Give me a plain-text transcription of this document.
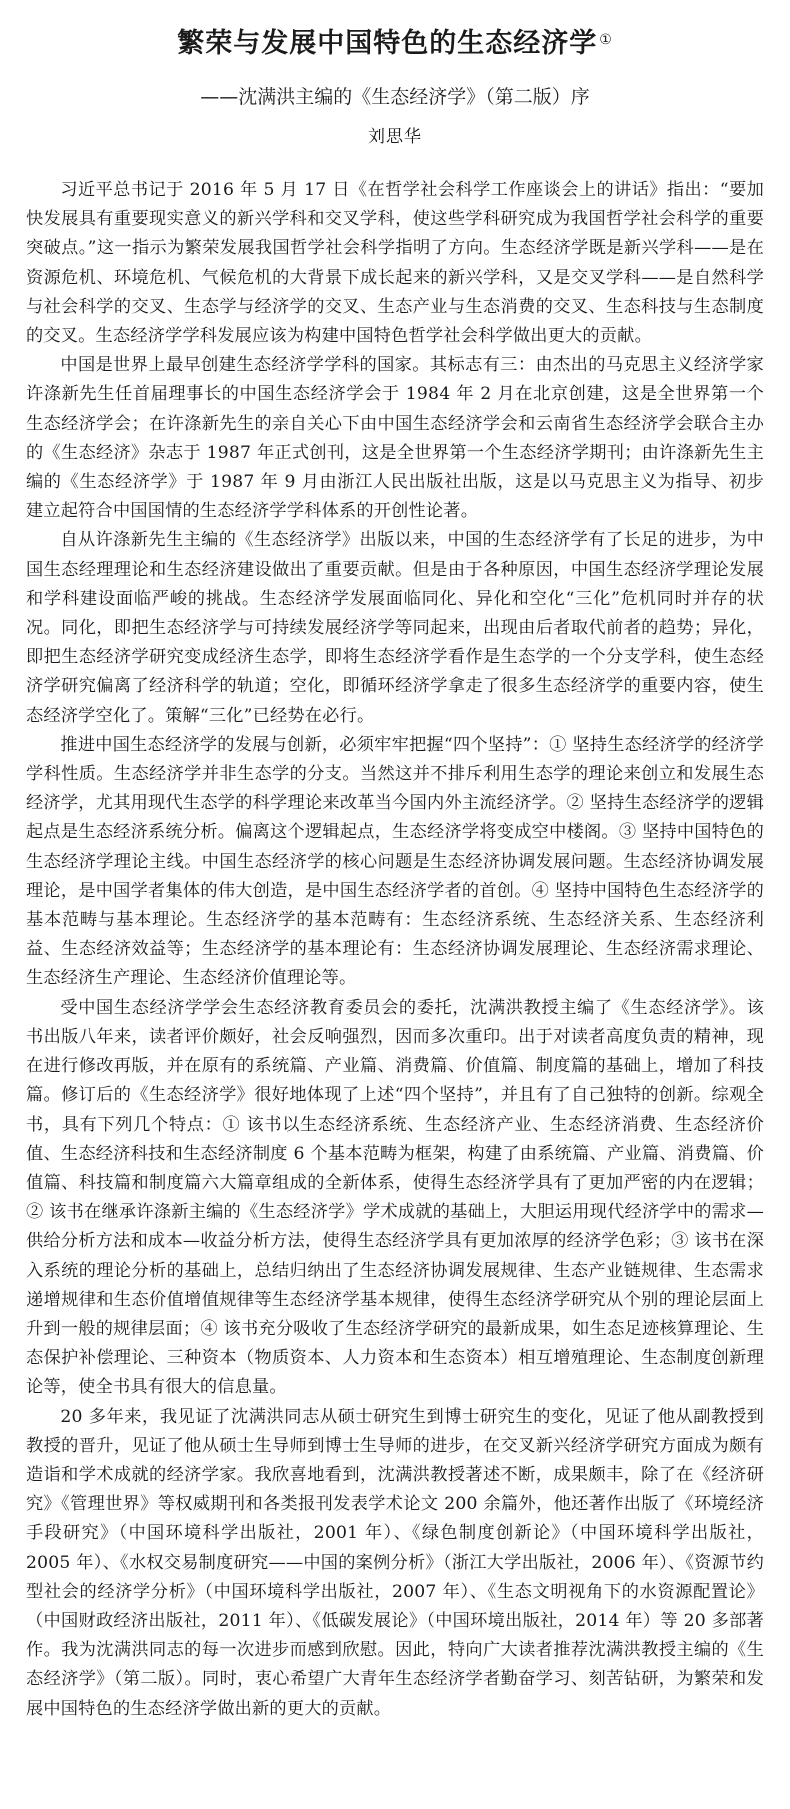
繁荣与发展中国特色的生态经济学 ①
——沈满洪主编的《生态经济学》（第二版）序
刘思华

习近平总书记于 2016 年 5 月 17 日《在哲学社会科学工作座谈会上的讲话》指出：“要加快发展具有重要现实意义的新兴学科和交叉学科，使这些学科研究成为我国哲学社会科学的重要突破点。”这一指示为繁荣发展我国哲学社会科学指明了方向。生态经济学既是新兴学科——是在资源危机、环境危机、气候危机的大背景下成长起来的新兴学科，又是交叉学科——是自然科学与社会科学的交叉、生态学与经济学的交叉、生态产业与生态消费的交叉、生态科技与生态制度的交叉。生态经济学学科发展应该为构建中国特色哲学社会科学做出更大的贡献。

中国是世界上最早创建生态经济学学科的国家。其标志有三：由杰出的马克思主义经济学家许涤新先生任首届理事长的中国生态经济学会于 1984 年 2 月在北京创建，这是全世界第一个生态经济学会；在许涤新先生的亲自关心下由中国生态经济学会和云南省生态经济学会联合主办的《生态经济》杂志于 1987 年正式创刊，这是全世界第一个生态经济学期刊；由许涤新先生主编的《生态经济学》于 1987 年 9 月由浙江人民出版社出版，这是以马克思主义为指导、初步建立起符合中国国情的生态经济学学科体系的开创性论著。

自从许涤新先生主编的《生态经济学》出版以来，中国的生态经济学有了长足的进步，为中国生态经理理论和生态经济建设做出了重要贡献。但是由于各种原因，中国生态经济学理论发展和学科建设面临严峻的挑战。生态经济学发展面临同化、异化和空化“三化”危机同时并存的状况。同化，即把生态经济学与可持续发展经济学等同起来，出现由后者取代前者的趋势；异化，即把生态经济学研究变成经济生态学，即将生态经济学看作是生态学的一个分支学科，使生态经济学研究偏离了经济科学的轨道；空化，即循环经济学拿走了很多生态经济学的重要内容，使生态经济学空化了。策解“三化”已经势在必行。

推进中国生态经济学的发展与创新，必须牢牢把握“四个坚持”：① 坚持生态经济学的经济学学科性质。生态经济学并非生态学的分支。当然这并不排斥利用生态学的理论来创立和发展生态经济学，尤其用现代生态学的科学理论来改革当今国内外主流经济学。② 坚持生态经济学的逻辑起点是生态经济系统分析。偏离这个逻辑起点，生态经济学将变成空中楼阁。③ 坚持中国特色的生态经济学理论主线。中国生态经济学的核心问题是生态经济协调发展问题。生态经济协调发展理论，是中国学者集体的伟大创造，是中国生态经济学者的首创。④ 坚持中国特色生态经济学的基本范畴与基本理论。生态经济学的基本范畴有：生态经济系统、生态经济关系、生态经济利益、生态经济效益等；生态经济学的基本理论有：生态经济协调发展理论、生态经济需求理论、生态经济生产理论、生态经济价值理论等。

受中国生态经济学学会生态经济教育委员会的委托，沈满洪教授主编了《生态经济学》。该书出版八年来，读者评价颇好，社会反响强烈，因而多次重印。出于对读者高度负责的精神，现在进行修改再版，并在原有的系统篇、产业篇、消费篇、价值篇、制度篇的基础上，增加了科技篇。修订后的《生态经济学》很好地体现了上述“四个坚持”，并且有了自己独特的创新。综观全书，具有下列几个特点：① 该书以生态经济系统、生态经济产业、生态经济消费、生态经济价值、生态经济科技和生态经济制度 6 个基本范畴为框架，构建了由系统篇、产业篇、消费篇、价值篇、科技篇和制度篇六大篇章组成的全新体系，使得生态经济学具有了更加严密的内在逻辑；② 该书在继承许涤新主编的《生态经济学》学术成就的基础上，大胆运用现代经济学中的需求—供给分析方法和成本—收益分析方法，使得生态经济学具有更加浓厚的经济学色彩；③ 该书在深入系统的理论分析的基础上，总结归纳出了生态经济协调发展规律、生态产业链规律、生态需求递增规律和生态价值增值规律等生态经济学基本规律，使得生态经济学研究从个别的理论层面上升到一般的规律层面；④ 该书充分吸收了生态经济学研究的最新成果，如生态足迹核算理论、生态保护补偿理论、三种资本（物质资本、人力资本和生态资本）相互增殖理论、生态制度创新理论等，使全书具有很大的信息量。

20 多年来，我见证了沈满洪同志从硕士研究生到博士研究生的变化，见证了他从副教授到教授的晋升，见证了他从硕士生导师到博士生导师的进步，在交叉新兴经济学研究方面成为颇有造诣和学术成就的经济学家。我欣喜地看到，沈满洪教授著述不断，成果颇丰，除了在《经济研究》《管理世界》等权威期刊和各类报刊发表学术论文 200 余篇外，他还著作出版了《环境经济手段研究》（中国环境科学出版社，2001 年）、《绿色制度创新论》（中国环境科学出版社，2005 年）、《水权交易制度研究——中国的案例分析》（浙江大学出版社，2006 年）、《资源节约型社会的经济学分析》（中国环境科学出版社，2007 年）、《生态文明视角下的水资源配置论》（中国财政经济出版社，2011 年）、《低碳发展论》（中国环境出版社，2014 年）等 20 多部著作。我为沈满洪同志的每一次进步而感到欣慰。因此，特向广大读者推荐沈满洪教授主编的《生态经济学》（第二版）。同时，衷心希望广大青年生态经济学者勤奋学习、刻苦钻研，为繁荣和发展中国特色的生态经济学做出新的更大的贡献。
